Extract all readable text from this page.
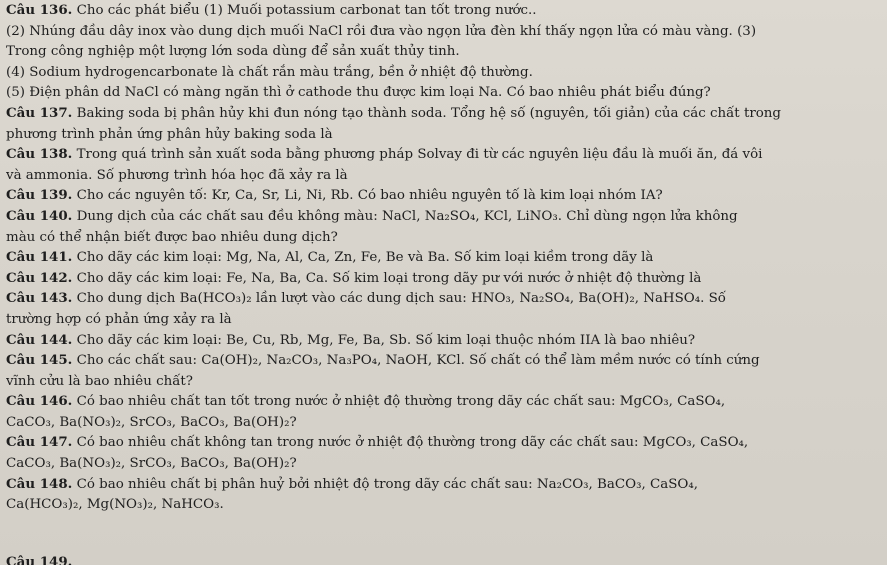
Câu 136. Cho các phát biểu (1) Muối potassium carbonat tan tốt trong nước..
(2) Nhúng đầu dây inox vào dung dịch muối NaCl rồi đưa vào ngọn lửa đèn khí thấy ngọn lửa có màu vàng. (3)
Trong công nghiệp một lượng lớn soda dùng để sản xuất thủy tinh.
(4) Sodium hydrogencarbonate là chất rắn màu trắng, bền ở nhiệt độ thường.
(5) Điện phân dd NaCl có màng ngăn thì ở cathode thu được kim loại Na. Có bao nhiêu phát biểu đúng?
Câu 137. Baking soda bị phân hủy khi đun nóng tạo thành soda. Tổng hệ số (nguyên, tối giản) của các chất trong
phương trình phản ứng phân hủy baking soda là
Câu 138. Trong quá trình sản xuất soda bằng phương pháp Solvay đi từ các nguyên liệu đầu là muối ăn, đá vôi
và ammonia. Số phương trình hóa học đã xảy ra là
Câu 139. Cho các nguyên tố: Kr, Ca, Sr, Li, Ni, Rb. Có bao nhiêu nguyên tố là kim loại nhóm IA?
Câu 140. Dung dịch của các chất sau đều không màu: NaCl, Na₂SO₄, KCl, LiNO₃. Chỉ dùng ngọn lửa không
màu có thể nhận biết được bao nhiêu dung dịch?
Câu 141. Cho dãy các kim loại: Mg, Na, Al, Ca, Zn, Fe, Be và Ba. Số kim loại kiềm trong dãy là
Câu 142. Cho dãy các kim loại: Fe, Na, Ba, Ca. Số kim loại trong dãy pư với nước ở nhiệt độ thường là
Câu 143. Cho dung dịch Ba(HCO₃)₂ lần lượt vào các dung dịch sau: HNO₃, Na₂SO₄, Ba(OH)₂, NaHSO₄. Số
trường hợp có phản ứng xảy ra là
Câu 144. Cho dãy các kim loại: Be, Cu, Rb, Mg, Fe, Ba, Sb. Số kim loại thuộc nhóm IIA là bao nhiêu?
Câu 145. Cho các chất sau: Ca(OH)₂, Na₂CO₃, Na₃PO₄, NaOH, KCl. Số chất có thể làm mềm nước có tính cứng
vĩnh cửu là bao nhiêu chất?
Câu 146. Có bao nhiêu chất tan tốt trong nước ở nhiệt độ thường trong dãy các chất sau: MgCO₃, CaSO₄,
CaCO₃, Ba(NO₃)₂, SrCO₃, BaCO₃, Ba(OH)₂?
Câu 147. Có bao nhiêu chất không tan trong nước ở nhiệt độ thường trong dãy các chất sau: MgCO₃, CaSO₄,
CaCO₃, Ba(NO₃)₂, SrCO₃, BaCO₃, Ba(OH)₂?
Câu 148. Có bao nhiêu chất bị phân huỷ bởi nhiệt độ trong dãy các chất sau: Na₂CO₃, BaCO₃, CaSO₄,
Ca(HCO₃)₂, Mg(NO₃)₂, NaHCO₃.
Câu 149.
